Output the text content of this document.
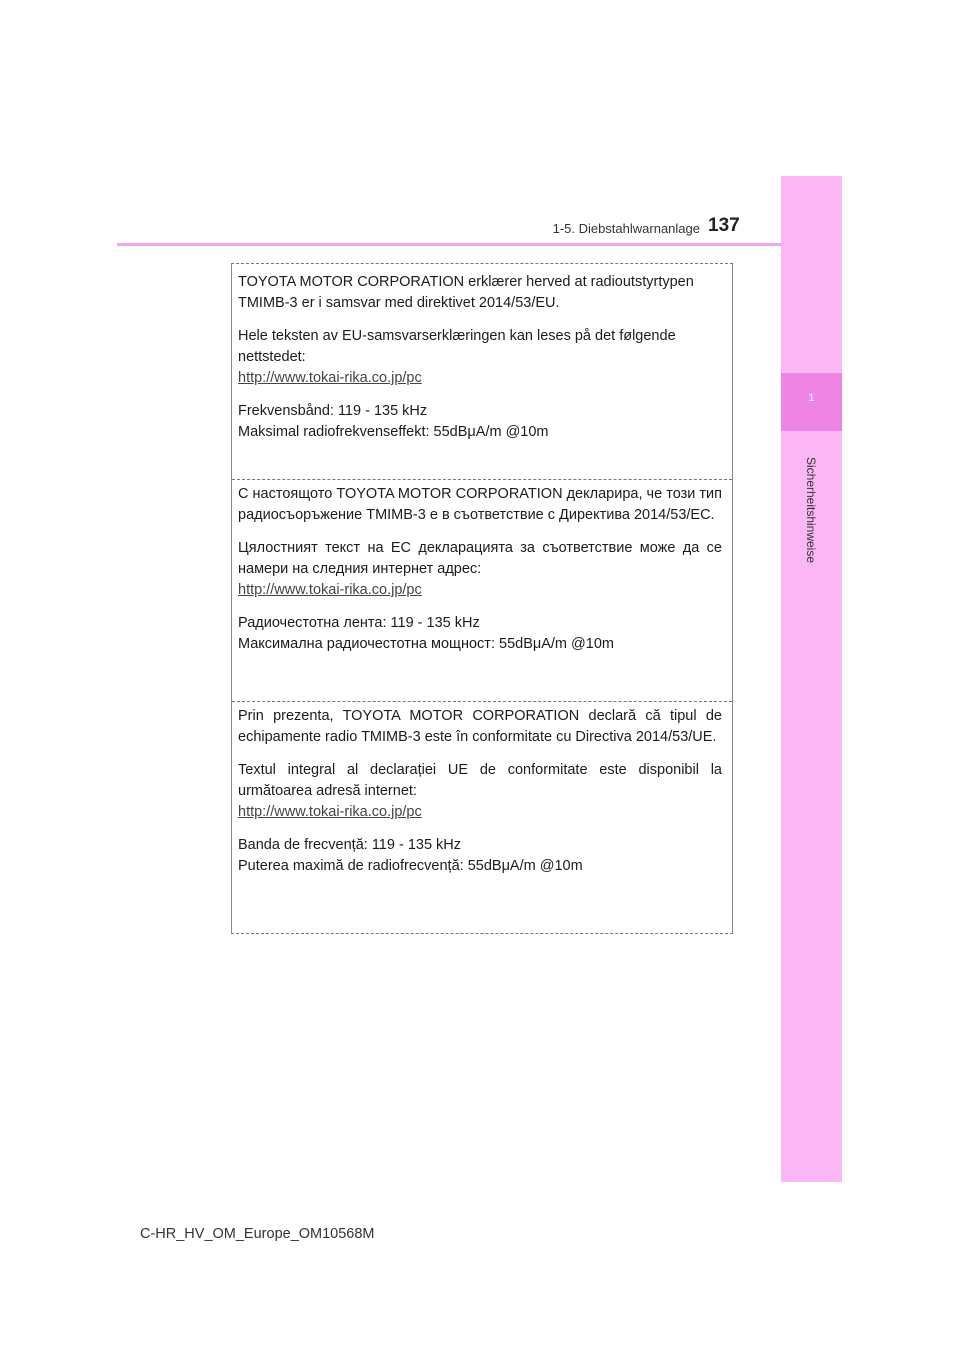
1-5. Diebstahlwarnanlage 137
1
Sicherheitshinweise

TOYOTA MOTOR CORPORATION erklærer herved at radioutstyrtypen TMIMB-3 er i samsvar med direktivet 2014/53/EU.

Hele teksten av EU-samsvarserklæringen kan leses på det følgende nettstedet:

http://www.tokai-rika.co.jp/pc

Frekvensbånd: 119 - 135 kHz

Maksimal radiofrekvenseffekt: 55dBμA/m @10m

С настоящото TOYOTA MOTOR CORPORATION декларира, че този тип радиосъоръжение TMIMB-3 е в съответствие с Директива 2014/53/ЕС.

Цялостният текст на ЕС декларацията за съответствие може да се намери на следния интернет адрес:

http://www.tokai-rika.co.jp/pc

Радиочестотна лента: 119 - 135 kHz

Максимална радиочестотна мощност: 55dBμA/m @10m

Prin prezenta, TOYOTA MOTOR CORPORATION declară că tipul de echipamente radio TMIMB-3 este în conformitate cu Directiva 2014/53/UE.

Textul integral al declarației UE de conformitate este disponibil la următoarea adresă internet:

http://www.tokai-rika.co.jp/pc

Banda de frecvență: 119 - 135 kHz

Puterea maximă de radiofrecvență: 55dBμA/m @10m

C-HR_HV_OM_Europe_OM10568M
